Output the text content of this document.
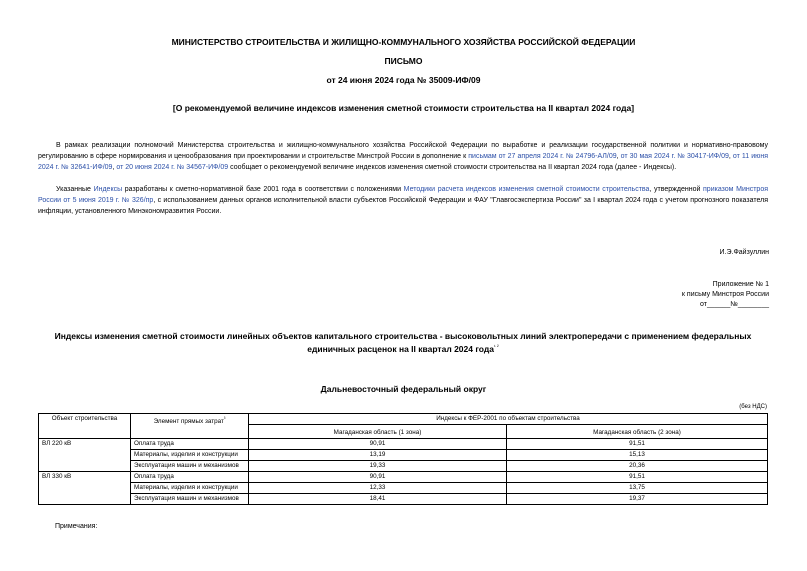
МИНИСТЕРСТВО СТРОИТЕЛЬСТВА И ЖИЛИЩНО-КОММУНАЛЬНОГО ХОЗЯЙСТВА РОССИЙСКОЙ ФЕДЕРАЦИИ
ПИСЬМО
от 24 июня 2024 года № 35009-ИФ/09
[О рекомендуемой величине индексов изменения сметной стоимости строительства на II квартал 2024 года]
В рамках реализации полномочий Министерства строительства и жилищно-коммунального хозяйства Российской Федерации по выработке и реализации государственной политики и нормативно-правовому регулированию в сфере нормирования и ценообразования при проектировании и строительстве Минстрой России в дополнение к письмам от 27 апреля 2024 г. № 24796-АЛ/09, от 30 мая 2024 г. № 30417-ИФ/09, от 11 июня 2024 г. № 32641-ИФ/09, от 20 июня 2024 г. № 34567-ИФ/09 сообщает о рекомендуемой величине индексов изменения сметной стоимости строительства на II квартал 2024 года (далее - Индексы).
Указанные Индексы разработаны к сметно-нормативной базе 2001 года в соответствии с положениями Методики расчета индексов изменения сметной стоимости строительства, утвержденной приказом Минстроя России от 5 июня 2019 г. № 326/пр, с использованием данных органов исполнительной власти субъектов Российской Федерации и ФАУ "Главгосэкспертиза России" за I квартал 2024 года с учетом прогнозного показателя инфляции, установленного Минэкономразвития России.
И.Э.Файзуллин
Приложение № 1
к письму Минстроя России
от______№________
Индексы изменения сметной стоимости линейных объектов капитального строительства - высоковольтных линий электропередачи с применением федеральных единичных расценок на II квартал 2024 года$^{^1 ^2}$
Дальневосточный федеральный округ
(без НДС)
Объект строительства	Элемент прямых затрат$^{^3}$	Индексы к ФЕР-2001 по объектам строительства	
		Магаданская область (1 зона)	Магаданская область (2 зона)
ВЛ 220 кВ	Оплата труда	90,91	91,51
	Материалы, изделия и конструкции	13,19	15,13
	Эксплуатация машин и механизмов	19,33	20,36
ВЛ 330 кВ	Оплата труда	90,91	91,51
	Материалы, изделия и конструкции	12,33	13,75
	Эксплуатация машин и механизмов	18,41	19,37
Примечания:
